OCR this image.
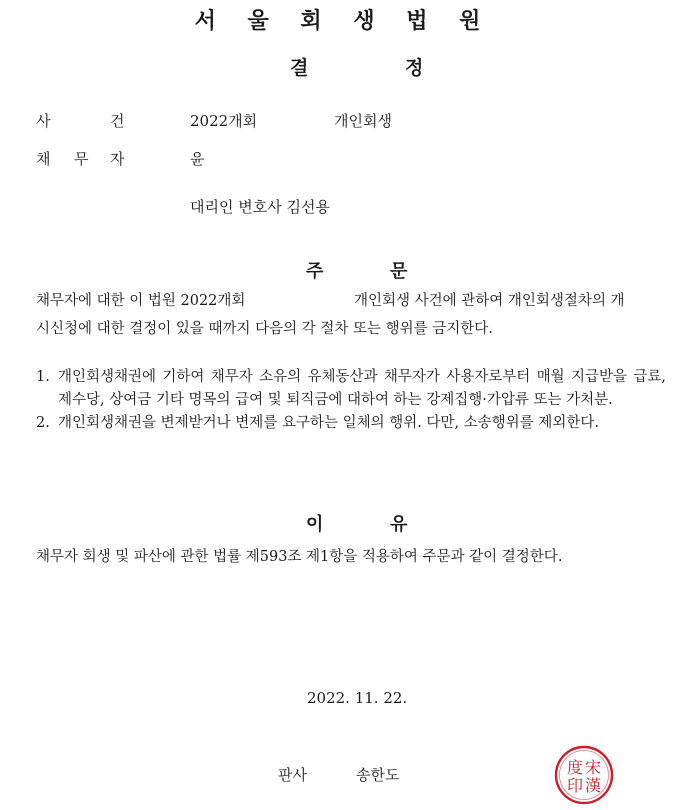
서 울 회 생 법 원
결	정
사	건	2022개회	개인회생
채 무 자	윤
대리인 변호사 김선용
주	문
채무자에 대한 이 법원 2022개회	개인회생 사건에 관하여 개인회생절차의 개
시신청에 대한 결정이 있을 때까지 다음의 각 절차 또는 행위를 금지한다.
1. 개인회생채권에 기하여 채무자 소유의 유체동산과 채무자가 사용자로부터 매월 지급받을 급료, 제수당, 상여금 기타 명목의 급여 및 퇴직금에 대하여 하는 강제집행·가압류 또는 가처분.
2. 개인회생채권을 변제받거나 변제를 요구하는 일체의 행위. 다만, 소송행위를 제외한다.
이	유
채무자 회생 및 파산에 관한 법률 제593조 제1항을 적용하여 주문과 같이 결정한다.
2022. 11. 22.
판사	송한도	宋
漢
度
印
